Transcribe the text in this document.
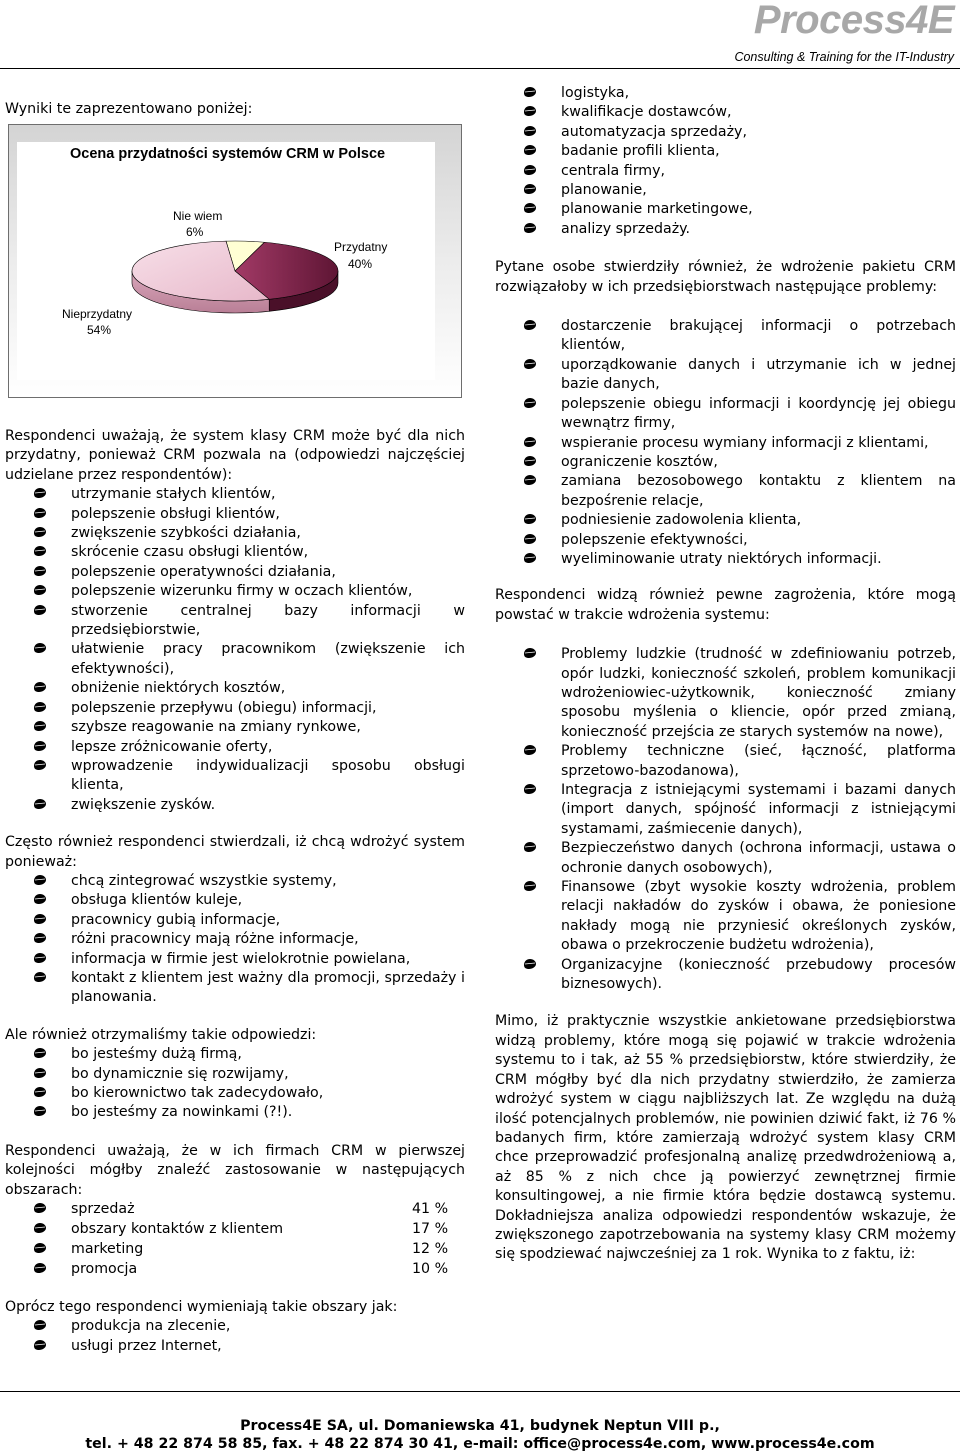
Process4E
Consulting & Training for the IT-Industry
Wyniki te zaprezentowano poniżej:
Ocena przydatności systemów CRM w Polsce
Nie wiem
6%
Przydatny
40%
Nieprzydatny
54%
Respondenci uważają, że system klasy CRM może być dla nich przydatny, ponieważ CRM pozwala na (odpowiedzi najczęściej udzielane przez respondentów):
utrzymanie stałych klientów,
polepszenie obsługi klientów,
zwiększenie szybkości działania,
skrócenie czasu obsługi klientów,
polepszenie operatywności działania,
polepszenie wizerunku firmy w oczach klientów,
stworzenie centralnej bazy informacji w przedsiębiorstwie,
ułatwienie pracy pracownikom (zwiększenie ich efektywności),
obniżenie niektórych kosztów,
polepszenie przepływu (obiegu) informacji,
szybsze reagowanie na zmiany rynkowe,
lepsze zróżnicowanie oferty,
wprowadzenie indywidualizacji sposobu obsługi klienta,
zwiększenie zysków.
Często również respondenci stwierdzali, iż chcą wdrożyć system ponieważ:
chcą zintegrować wszystkie systemy,
obsługa klientów kuleje,
pracownicy gubią informacje,
różni pracownicy mają różne informacje,
informacja w firmie jest wielokrotnie powielana,
kontakt z klientem jest ważny dla promocji, sprzedaży i planowania.
Ale również otrzymaliśmy takie odpowiedzi:
bo jesteśmy dużą firmą,
bo dynamicznie się rozwijamy,
bo kierownictwo tak zadecydowało,
bo jesteśmy za nowinkami (?!).
Respondenci uważają, że w ich firmach CRM w pierwszej kolejności mógłby znaleźć zastosowanie w następujących obszarach:
sprzedaż	41 %
obszary kontaktów z klientem	17 %
marketing	12 %
promocja	10 %
Oprócz tego respondenci wymieniają takie obszary jak:
produkcja na zlecenie,
usługi przez Internet,
logistyka,
kwalifikacje dostawców,
automatyzacja sprzedaży,
badanie profili klienta,
centrala firmy,
planowanie,
planowanie marketingowe,
analizy sprzedaży.
Pytane osobe stwierdziły również, że wdrożenie pakietu CRM rozwiązałoby w ich przedsiębiorstwach następujące problemy:
dostarczenie brakującej informacji o potrzebach klientów,
uporządkowanie danych i utrzymanie ich w jednej bazie danych,
polepszenie obiegu informacji i koordyncję jej obiegu wewnątrz firmy,
wspieranie procesu wymiany informacji z klientami,
ograniczenie kosztów,
zamiana bezosobowego kontaktu z klientem na bezpośrenie relacje,
podniesienie zadowolenia klienta,
polepszenie efektywności,
wyeliminowanie utraty niektórych informacji.
Respondenci widzą również pewne zagrożenia, które mogą powstać w trakcie wdrożenia systemu:
Problemy ludzkie (trudność w zdefiniowaniu potrzeb, opór ludzki, konieczność szkoleń, problem komunikacji wdrożeniowiec-użytkownik, konieczność zmiany sposobu myślenia o kliencie, opór przed zmianą, konieczność przejścia ze starych systemów na nowe),
Problemy techniczne (sieć, łączność, platforma sprzetowo-bazodanowa),
Integracja z istniejącymi systemami i bazami danych (import danych, spójność informacji z istniejącymi systamami, zaśmiecenie danych),
Bezpieczeństwo danych (ochrona informacji, ustawa o ochronie danych osobowych),
Finansowe (zbyt wysokie koszty wdrożenia, problem relacji nakładów do zysków i obawa, że poniesione nakłady mogą nie przyniesić określonych zysków, obawa o przekroczenie budżetu wdrożenia),
Organizacyjne (konieczność przebudowy procesów biznesowych).
Mimo, iż praktycznie wszystkie ankietowane przedsiębiorstwa widzą problemy, które mogą się pojawić w trakcie wdrożenia systemu to i tak, aż 55 % przedsiębiorstw, które stwierdziły, że CRM mógłby być dla nich przydatny stwierdziło, że zamierza wdrożyć system w ciągu najbliższych lat. Ze względu na dużą ilość potencjalnych problemów, nie powinien dziwić fakt, iż 76 % badanych firm, które zamierzają wdrożyć system klasy CRM chce przeprowadzić profesjonalną analizę przedwdrożeniową a, aż 85 % z nich chce ją powierzyć zewnętrznej firmie konsultingowej, a nie firmie która będzie dostawcą systemu. Dokładniejsza analiza odpowiedzi respondentów wskazuje, że zwiększonego zapotrzebowania na systemy klasy CRM możemy się spodziewać najwcześniej za 1 rok. Wynika to z faktu, iż:
Process4E SA, ul. Domaniewska 41, budynek Neptun VIII p.,
tel. + 48 22 874 58 85, fax. + 48 22 874 30 41, e-mail: office@process4e.com, www.process4e.com
